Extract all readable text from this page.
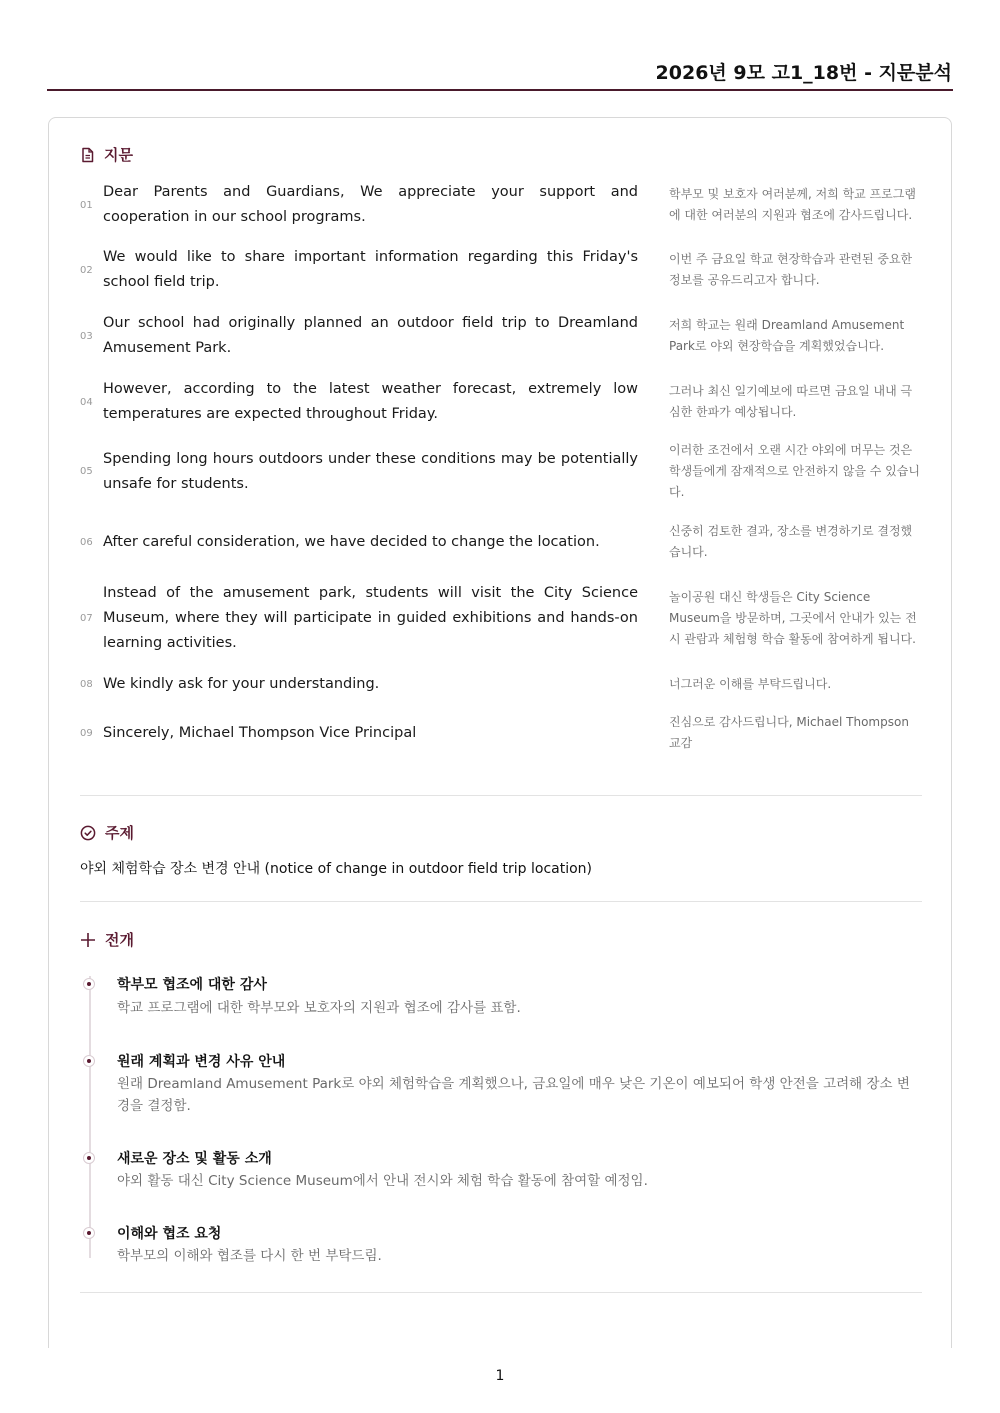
2026년 9모 고1_18번 - 지문분석
지문
01
Dear Parents and Guardians, We appreciate your support and cooperation in our school programs.
학부모 및 보호자 여러분께, 저희 학교 프로그램에 대한 여러분의 지원과 협조에 감사드립니다.
02
We would like to share important information regarding this Friday's school field trip.
이번 주 금요일 학교 현장학습과 관련된 중요한 정보를 공유드리고자 합니다.
03
Our school had originally planned an outdoor field trip to Dreamland Amusement Park.
저희 학교는 원래 Dreamland Amusement Park로 야외 현장학습을 계획했었습니다.
04
However, according to the latest weather forecast, extremely low temperatures are expected throughout Friday.
그러나 최신 일기예보에 따르면 금요일 내내 극심한 한파가 예상됩니다.
05
Spending long hours outdoors under these conditions may be potentially unsafe for students.
이러한 조건에서 오랜 시간 야외에 머무는 것은 학생들에게 잠재적으로 안전하지 않을 수 있습니다.
06 After careful consideration, we have decided to change the location.
신중히 검토한 결과, 장소를 변경하기로 결정했습니다.
07
Instead of the amusement park, students will visit the City Science Museum, where they will participate in guided exhibitions and hands-on learning activities.
놀이공원 대신 학생들은 City Science Museum을 방문하며, 그곳에서 안내가 있는 전시 관람과 체험형 학습 활동에 참여하게 됩니다.
08 We kindly ask for your understanding.	너그러운 이해를 부탁드립니다.
09 Sincerely, Michael Thompson Vice Principal
진심으로 감사드립니다, Michael Thompson 교감
주제
야외 체험학습 장소 변경 안내 (notice of change in outdoor field trip location)
전개
학부모 협조에 대한 감사
학교 프로그램에 대한 학부모와 보호자의 지원과 협조에 감사를 표함.
원래 계획과 변경 사유 안내
원래 Dreamland Amusement Park로 야외 체험학습을 계획했으나, 금요일에 매우 낮은 기온이 예보되어 학생 안전을 고려해 장소 변경을 결정함.
새로운 장소 및 활동 소개
야외 활동 대신 City Science Museum에서 안내 전시와 체험 학습 활동에 참여할 예정임.
이해와 협조 요청
학부모의 이해와 협조를 다시 한 번 부탁드림.
1
